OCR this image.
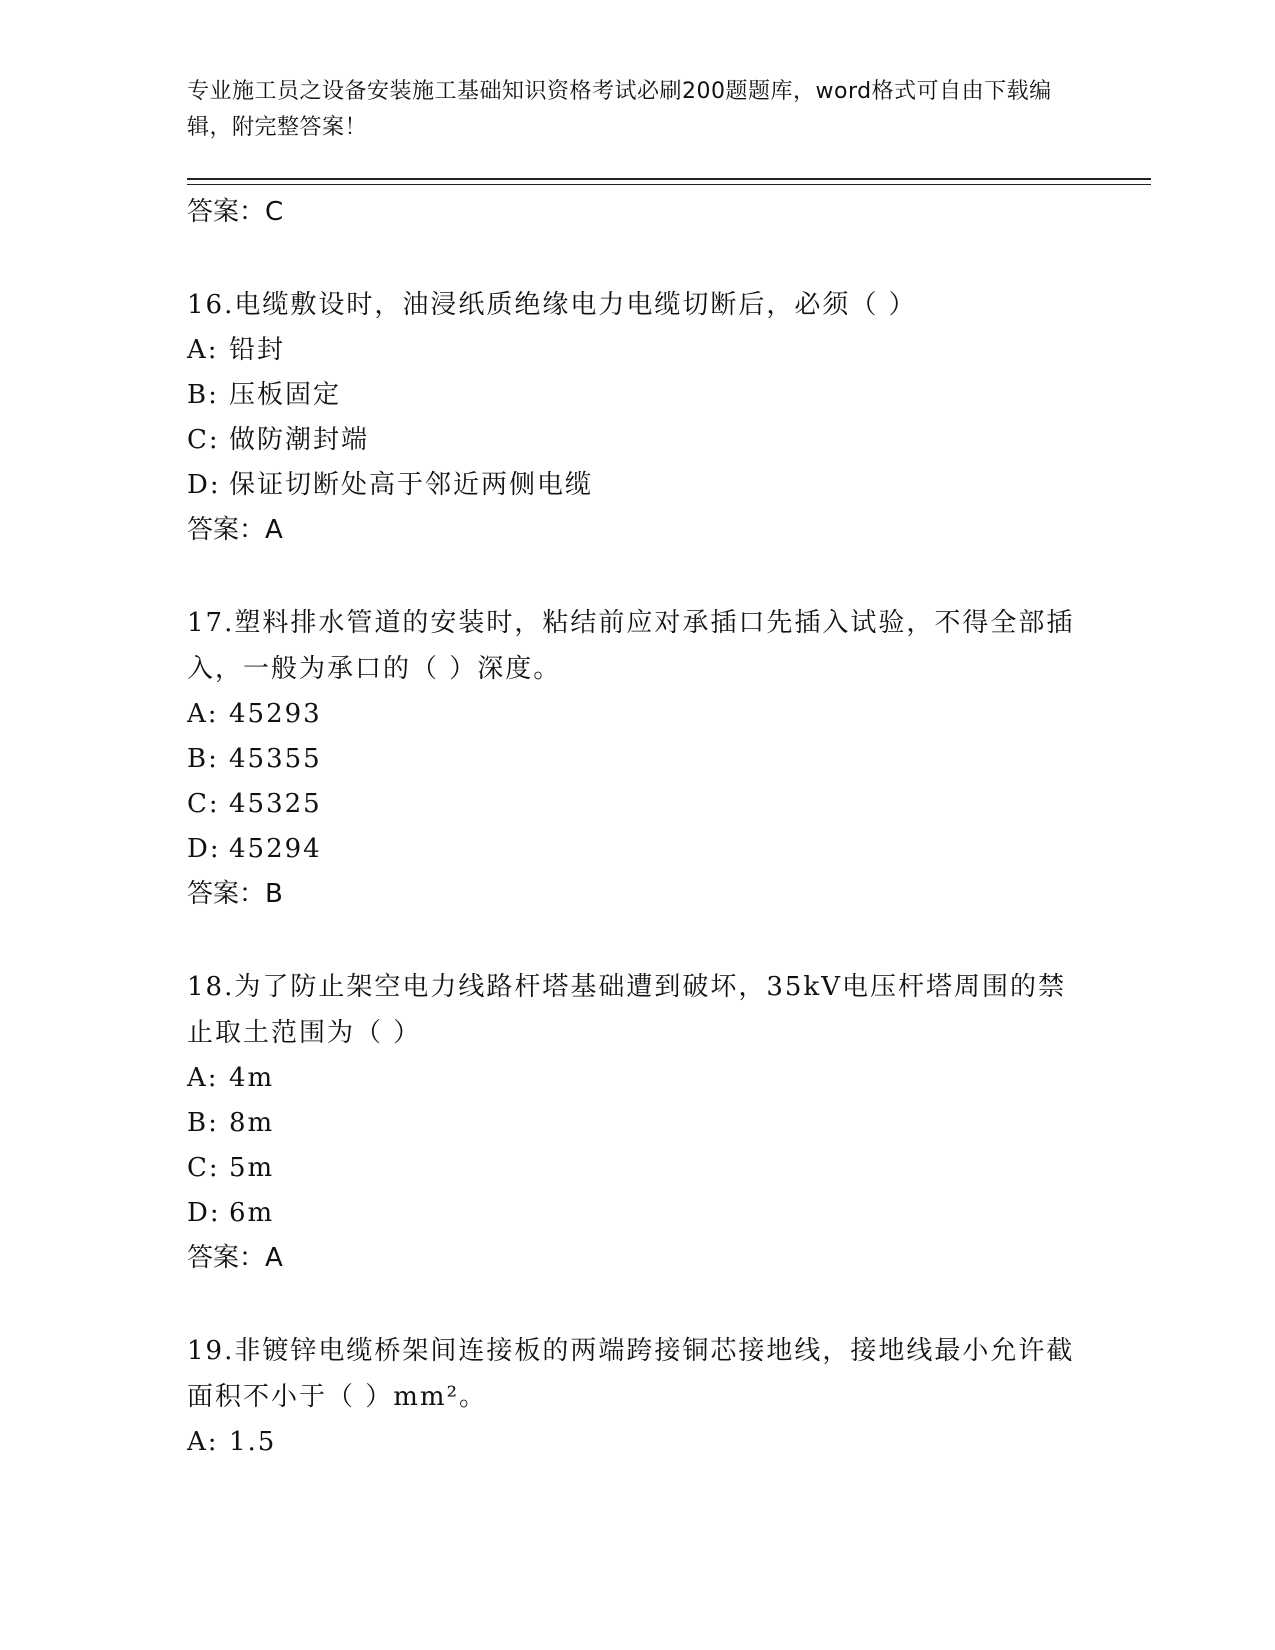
专业施工员之设备安装施工基础知识资格考试必刷200题题库，word格式可自由下载编辑，附完整答案！
答案：C
16.电缆敷设时，油浸纸质绝缘电力电缆切断后，必须（ ）
A: 铅封
B: 压板固定
C: 做防潮封端
D: 保证切断处高于邻近两侧电缆
答案：A
17.塑料排水管道的安装时，粘结前应对承插口先插入试验，不得全部插入，一般为承口的（ ）深度。
A: 45293
B: 45355
C: 45325
D: 45294
答案：B
18.为了防止架空电力线路杆塔基础遭到破坏，35kV电压杆塔周围的禁止取土范围为（ ）
A: 4m
B: 8m
C: 5m
D: 6m
答案：A
19.非镀锌电缆桥架间连接板的两端跨接铜芯接地线，接地线最小允许截面积不小于（ ）mm²。
A: 1.5
